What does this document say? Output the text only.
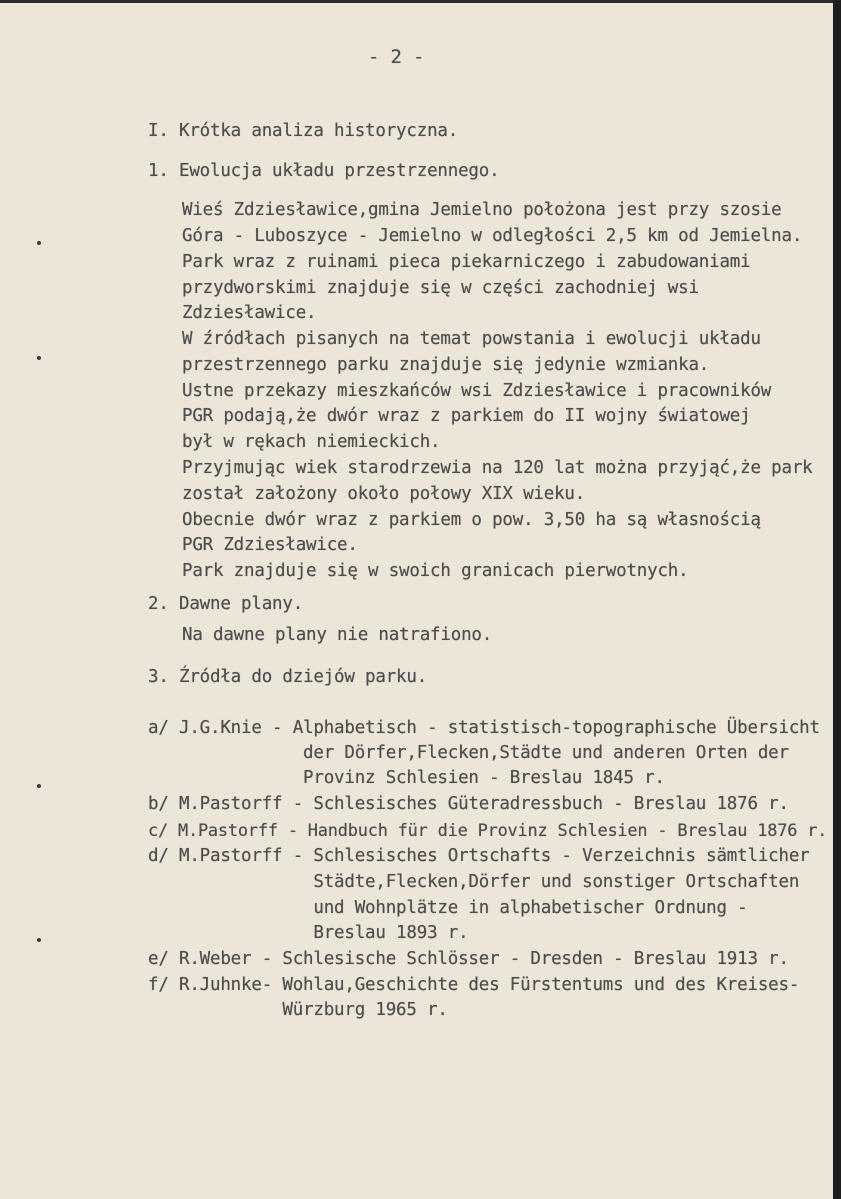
- 2 -
I. Krótka analiza historyczna.
1. Ewolucja układu przestrzennego.
Wieś Zdziesławice,gmina Jemielno położona jest przy szosie
Góra - Luboszyce - Jemielno w odległości 2,5 km od Jemielna.
Park wraz z ruinami pieca piekarniczego i zabudowaniami
przydworskimi znajduje się w części zachodniej wsi
Zdziesławice.
W źródłach pisanych na temat powstania i ewolucji układu
przestrzennego parku znajduje się jedynie wzmianka.
Ustne przekazy mieszkańców wsi Zdziesławice i pracowników
PGR podają,że dwór wraz z parkiem do II wojny światowej
był w rękach niemieckich.
Przyjmując wiek starodrzewia na 120 lat można przyjąć,że park
został założony około połowy XIX wieku.
Obecnie dwór wraz z parkiem o pow. 3,50 ha są własnością
PGR Zdziesławice.
Park znajduje się w swoich granicach pierwotnych.
2. Dawne plany.
Na dawne plany nie natrafiono.
3. Źródła do dziejów parku.
a/ J.G.Knie - Alphabetisch - statistisch-topographische Übersicht
der Dörfer,Flecken,Städte und anderen Orten der
Provinz Schlesien - Breslau 1845 r.
b/ M.Pastorff - Schlesisches Güteradressbuch - Breslau 1876 r.
c/ M.Pastorff - Handbuch für die Provinz Schlesien - Breslau 1876 r.
d/ M.Pastorff - Schlesisches Ortschafts - Verzeichnis sämtlicher
Städte,Flecken,Dörfer und sonstiger Ortschaften
und Wohnplätze in alphabetischer Ordnung -
Breslau 1893 r.
e/ R.Weber - Schlesische Schlösser - Dresden - Breslau 1913 r.
f/ R.Juhnke- Wohlau,Geschichte des Fürstentums und des Kreises-
Würzburg 1965 r.
